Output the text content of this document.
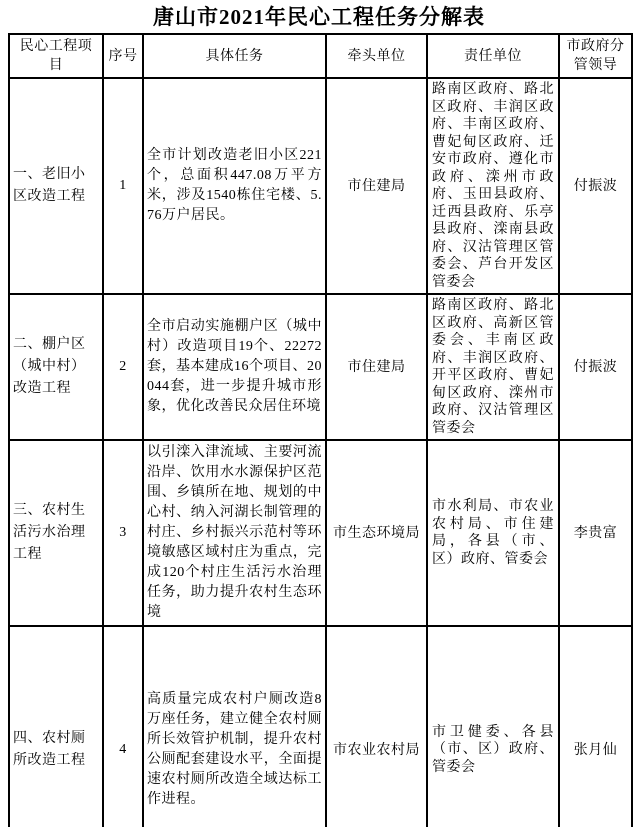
唐山市2021年民心工程任务分解表
民心工程项目	序号	具体任务	牵头单位	责任单位	市政府分管领导
一、老旧小区改造工程	1	全市计划改造老旧小区221个，总面积447.08万平方米，涉及1540栋住宅楼、5.76万户居民。	市住建局	路南区政府、路北区政府、丰润区政府、丰南区政府、曹妃甸区政府、迁安市政府、遵化市政府、滦州市政府、玉田县政府、迁西县政府、乐亭县政府、滦南县政府、汉沽管理区管委会、芦台开发区管委会	付振波
二、棚户区（城中村）改造工程	2	全市启动实施棚户区（城中村）改造项目19个、22272套，基本建成16个项目、20044套，进一步提升城市形象，优化改善民众居住环境	市住建局	路南区政府、路北区政府、高新区管委会、丰南区政府、丰润区政府、开平区政府、曹妃甸区政府、滦州市政府、汉沽管理区管委会	付振波
三、农村生活污水治理工程	3	以引滦入津流域、主要河流沿岸、饮用水水源保护区范围、乡镇所在地、规划的中心村、纳入河湖长制管理的村庄、乡村振兴示范村等环境敏感区域村庄为重点，完成120个村庄生活污水治理任务，助力提升农村生态环境	市生态环境局	市水利局、市农业农村局、市住建局，各县（市、区）政府、管委会	李贵富
四、农村厕所改造工程	4	高质量完成农村户厕改造8万座任务，建立健全农村厕所长效管护机制，提升农村公厕配套建设水平，全面提速农村厕所改造全域达标工作进程。	市农业农村局	市卫健委、各县（市、区）政府、管委会	张月仙
